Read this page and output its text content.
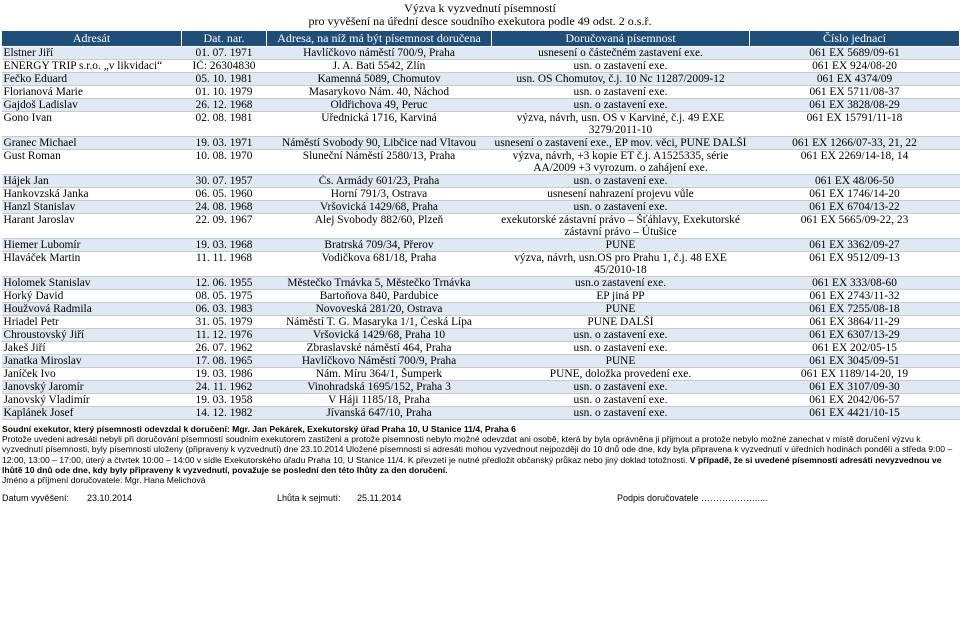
Výzva k vyzvednutí písemností
pro vyvěšení na úřední desce soudního exekutora podle 49 odst. 2 o.s.ř.
Adresát	Dat. nar.	Adresa, na níž má být písemnost doručena	Doručovaná písemnost	Číslo jednací
Elstner Jiří	01. 07. 1971	Havlíčkovo náměstí 700/9, Praha	usnesení o částečném zastavení exe.	061 EX 5689/09-61
ENERGY TRIP s.r.o. „v likvidaci“	IČ: 26304830	J. A. Bati 5542, Zlín	usn. o zastavení exe.	061 EX 924/08-20
Fečko Eduard	05. 10. 1981	Kamenná 5089, Chomutov	usn. OS Chomutov, č.j. 10 Nc 11287/2009-12	061 EX 4374/09
Florianová Marie	01. 10. 1979	Masarykovo Nám. 40, Náchod	usn. o zastavení exe.	061 EX 5711/08-37
Gajdoš Ladislav	26. 12. 1968	Oldřichova 49, Peruc	usn. o zastavení exe.	061 EX 3828/08-29
Gono Ivan	02. 08. 1981	Úřednická 1716, Karviná	výzva, návrh, usn. OS v Karviné, č.j. 49 EXE 3279/2011-10	061 EX 15791/11-18
Granec Michael	19. 03. 1971	Náměstí Svobody 90, Libčice nad Vltavou	usnesení o zastavení exe., EP mov. věci, PUNE DALŠÍ	061 EX 1266/07-33, 21, 22
Gust Roman	10. 08. 1970	Sluneční Náměstí 2580/13, Praha	výzva, návrh, +3 kopie ET č.j. A1525335, série AA/2009 +3 vyrozum. o zahájení exe.	061 EX 2269/14-18, 14
Hájek Jan	30. 07. 1957	Čs. Armády 601/23, Praha	usn. o zastavení exe.	061 EX 48/06-50
Hankovzská Janka	06. 05. 1960	Horní 791/3, Ostrava	usnesení nahrazení projevu vůle	061 EX 1746/14-20
Hanzl Stanislav	24. 08. 1968	Vršovická 1429/68, Praha	usn. o zastavení exe.	061 EX 6704/13-22
Harant Jaroslav	22. 09. 1967	Alej Svobody 882/60, Plzeň	exekutorské zástavní právo – Šťáhlavy, Exekutorské zástavní právo – Útušice	061 EX 5665/09-22, 23
Hiemer Lubomír	19. 03. 1968	Bratrská 709/34, Přerov	PUNE	061 EX 3362/09-27
Hlaváček Martin	11. 11. 1968	Vodičkova 681/18, Praha	výzva, návrh, usn.OS pro Prahu 1, č.j. 48 EXE 45/2010-18	061 EX 9512/09-13
Holomek Stanislav	12. 06. 1955	Městečko Trnávka 5, Městečko Trnávka	usn.o zastavení exe.	061 EX 333/08-60
Horký David	08. 05. 1975	Bartoňova 840, Pardubice	EP jiná PP	061 EX 2743/11-32
Houžvová Radmila	06. 03. 1983	Novoveská 281/20, Ostrava	PUNE	061 EX 7255/08-18
Hriadel Petr	31. 05. 1979	Náměstí T. G. Masaryka 1/1, Česká Lípa	PUNE DALŠÍ	061 EX 3864/11-29
Chroustovský Jiří	11. 12. 1976	Vršovická 1429/68, Praha 10	usn. o zastavení exe.	061 EX 6307/13-29
Jakeš Jiří	26. 07. 1962	Zbraslavské náměstí 464, Praha	usn. o zastavení exe.	061 EX 202/05-15
Janatka Miroslav	17. 08. 1965	Havlíčkovo Náměstí 700/9, Praha	PUNE	061 EX 3045/09-51
Janíček Ivo	19. 03. 1986	Nám. Míru 364/1, Šumperk	PUNE, doložka provedení exe.	061 EX 1189/14-20, 19
Janovský Jaromír	24. 11. 1962	Vinohradská 1695/152, Praha 3	usn. o zastavení exe.	061 EX 3107/09-30
Janovský Vladimír	19. 03. 1958	V Háji 1185/18, Praha	usn. o zastavení exe.	061 EX 2042/06-57
Kaplánek Josef	14. 12. 1982	Jívanská 647/10, Praha	usn. o zastavení exe.	061 EX 4421/10-15

Soudní exekutor, který písemnosti odevzdal k doručení: Mgr. Jan Pekárek, Exekutorský úřad Praha 10, U Stanice 11/4, Praha 6

Protože uvedeni adresáti nebyli při doručování písemností soudním exekutorem zastiženi a protože písemnosti nebylo možné odevzdat ani osobě, která by byla oprávněna ji přijmout a protože nebylo možné zanechat v místě doručení výzvu k vyzvednutí písemnosti, byly písemnosti uloženy (připraveny k vyzvednutí) dne 23.10.2014 Uložené písemnosti si adresáti mohou vyzvednout nejpozději do 10 dnů ode dne, kdy byla připravena k vyzvednutí v úředních hodinách pondělí a středa 9:00 – 12:00, 13:00 – 17:00, úterý a čtvrtek 10:00 – 14:00 v sídle Exekutorského úřadu Praha 10, U Stanice 11/4. K převzetí je nutné předložit občanský průkaz nebo jiný doklad totožnosti. V případě, že si uvedené písemnosti adresáti nevyzvednou ve lhůtě 10 dnů ode dne, kdy byly připraveny k vyzvednutí, považuje se poslední den této lhůty za den doručení.

Jméno a příjmení doručovatele: Mgr. Hana Melichová

Datum vyvěšení:	23.10.2014	Lhůta k sejmutí:	25.11.2014	Podpis doručovatele ……………….....
